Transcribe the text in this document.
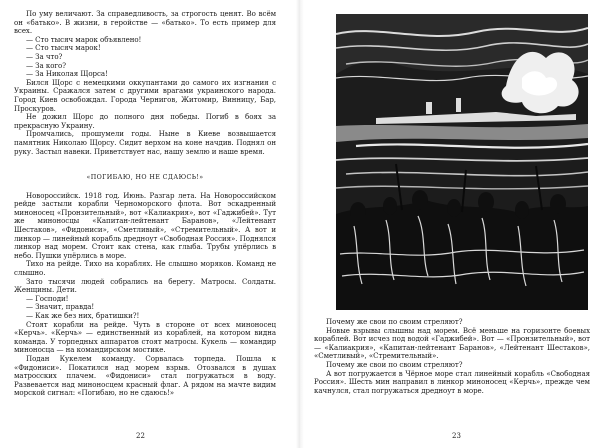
По уму величают. За справедливость, за строгость ценят. Во всём он «батько». В жизни, в геройстве — «батько». То есть пример для всех.

— Сто тысяч марок объявлено!

— Сто тысяч марок!

— За что?

— За кого?

— За Николая Щорса!

Бился Щорс с немецкими оккупантами до самого их изгнания с Украины. Сражался затем с другими врагами украинского народа. Город Киев освобождал. Города Чернигов, Житомир, Винницу, Бар, Проскуров.

Не дожил Щорс до полного дня победы. Погиб в боях за прекрасную Украину.

Промчались, прошумели годы. Ныне в Киеве возвышается памятник Николаю Щорсу. Сидит верхом на коне начдив. Поднял он руку. Застыл навеки. Приветствует нас, нашу землю и наше время.

«ПОГИБАЮ, НО НЕ СДАЮСЬ!»

Новороссийск. 1918 год. Июнь. Разгар лета. На Новороссийском рейде застыли корабли Черноморского флота. Вот эскадренный миноносец «Пронзительный», вот «Калиакрия», вот «Гаджибей». Тут же миноносцы «Капитан-лейтенант Баранов», «Лейтенант Шестаков», «Фидониси», «Сметливый», «Стремительный». А вот и линкор — линейный корабль дредноут «Свободная Россия». Поднялся линкор над морем. Стоит как стена, как глыба. Трубы упёрлись в небо. Пушки упёрлись в море.

Тихо на рейде. Тихо на кораблях. Не слышно моряков. Команд не слышно.

Зато тысячи людей собрались на берегу. Матросы. Солдаты. Женщины. Дети.

— Господи!

— Значит, правда!

— Как же без них, братишки?!

Стоят корабли на рейде. Чуть в стороне от всех миноносец «Керчь». «Керчь» — единственный из кораблей, на котором видна команда. У торпедных аппаратов стоят матросы. Кукель — командир миноносца — на командирском мостике.

Подан Кукелем команду. Сорвалась торпеда. Пошла к «Фидониси». Покатился над морем взрыв. Отозвался в душах матросских плачем. «Фидониси» стал погружаться в воду. Развевается над миноносцем красный флаг. А рядом на мачте видим морской сигнал: «Погибаю, но не сдаюсь!»

22

Почему же свои по своим стреляют?

Новые взрывы слышны над морем. Всё меньше на горизонте боевых кораблей. Вот исчез под водой «Гаджибей». Вот — «Пронзительный», вот — «Калиакрия», «Капитан-лейтенант Баранов», «Лейтенант Шестаков», «Сметливый», «Стремительный».

Почему же свои по своим стреляют?

А вот погружается в Чёрное море стал линейный корабль «Свободная Россия». Шесть мин направил в линкор миноносец «Керчь», прежде чем качнулся, стал погружаться дредноут в море.

23
